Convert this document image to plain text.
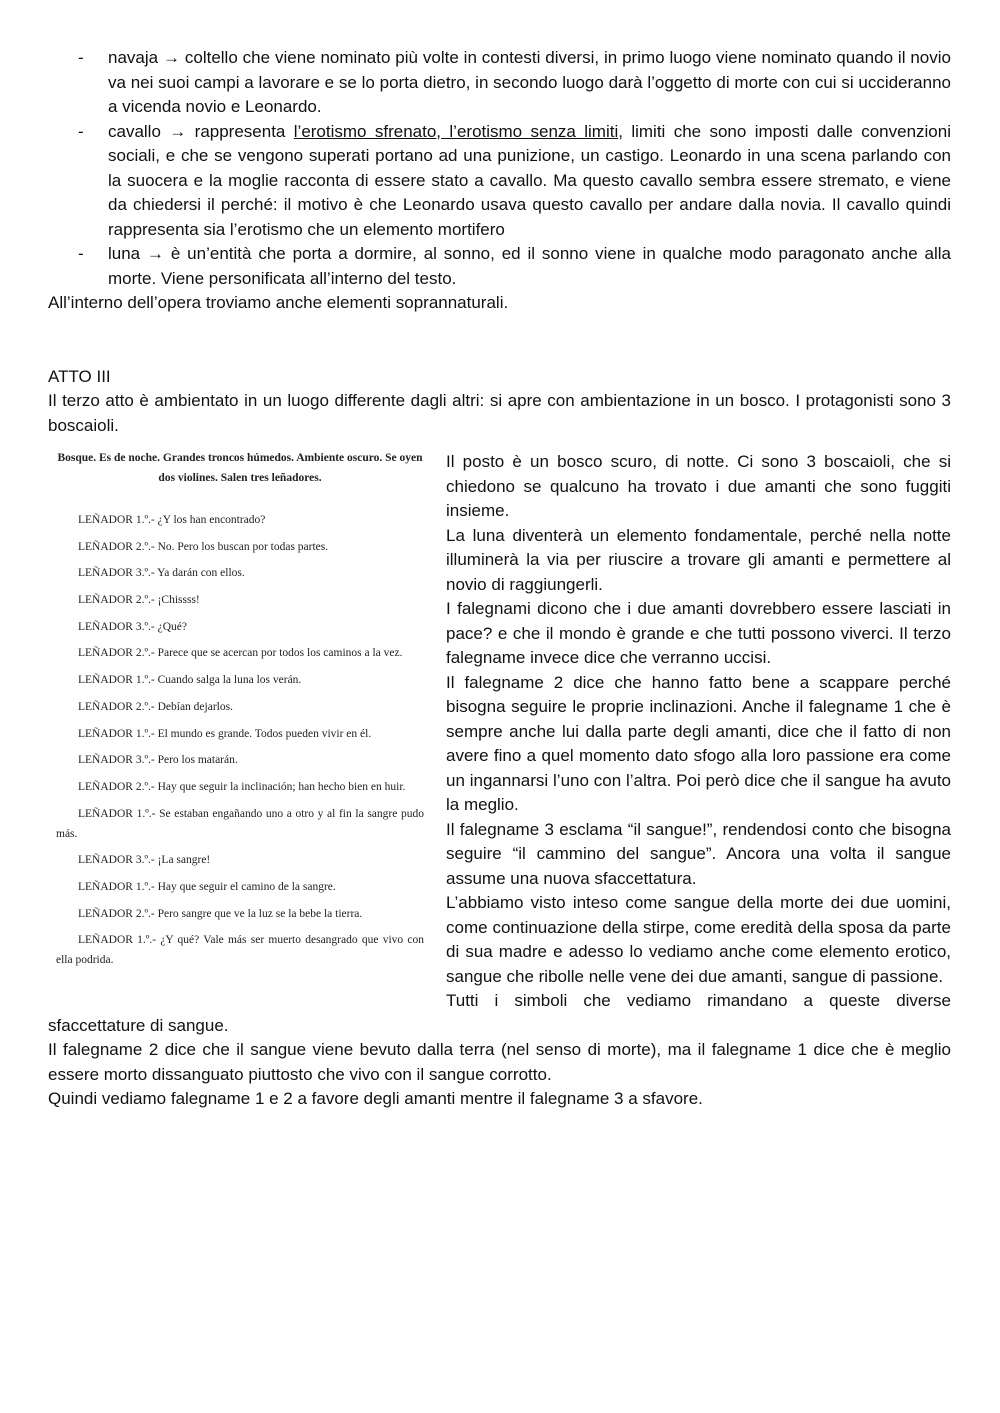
- navaja → coltello che viene nominato più volte in contesti diversi, in primo luogo viene nominato quando il novio va nei suoi campi a lavorare e se lo porta dietro, in secondo luogo darà l’oggetto di morte con cui si uccideranno a vicenda novio e Leonardo.
- cavallo → rappresenta l’erotismo sfrenato, l’erotismo senza limiti, limiti che sono imposti dalle convenzioni sociali, e che se vengono superati portano ad una punizione, un castigo. Leonardo in una scena parlando con la suocera e la moglie racconta di essere stato a cavallo. Ma questo cavallo sembra essere stremato, e viene da chiedersi il perché: il motivo è che Leonardo usava questo cavallo per andare dalla novia. Il cavallo quindi rappresenta sia l’erotismo che un elemento mortifero
- luna → è un’entità che porta a dormire, al sonno, ed il sonno viene in qualche modo paragonato anche alla morte. Viene personificata all’interno del testo.

All’interno dell’opera troviamo anche elementi soprannaturali.

ATTO III

Il terzo atto è ambientato in un luogo differente dagli altri: si apre con ambientazione in un bosco. I protagonisti sono 3 boscaioli.

Bosque. Es de noche. Grandes troncos húmedos. Ambiente oscuro. Se oyen dos violines. Salen tres leñadores.
LEÑADOR 1.º.- ¿Y los han encontrado?
LEÑADOR 2.º.- No. Pero los buscan por todas partes.
LEÑADOR 3.º.- Ya darán con ellos.
LEÑADOR 2.º.- ¡Chissss!
LEÑADOR 3.º.- ¿Qué?
LEÑADOR 2.º.- Parece que se acercan por todos los caminos a la vez.
LEÑADOR 1.º.- Cuando salga la luna los verán.
LEÑADOR 2.º.- Debían dejarlos.
LEÑADOR 1.º.- El mundo es grande. Todos pueden vivir en él.
LEÑADOR 3.º.- Pero los matarán.
LEÑADOR 2.º.- Hay que seguir la inclinación; han hecho bien en huir.
LEÑADOR 1.º.- Se estaban engañando uno a otro y al fin la sangre pudo más.
LEÑADOR 3.º.- ¡La sangre!
LEÑADOR 1.º.- Hay que seguir el camino de la sangre.
LEÑADOR 2.º.- Pero sangre que ve la luz se la bebe la tierra.
LEÑADOR 1.º.- ¿Y qué? Vale más ser muerto desangrado que vivo con ella podrida.
Il posto è un bosco scuro, di notte. Ci sono 3 boscaioli, che si chiedono se qualcuno ha trovato i due amanti che sono fuggiti insieme.
La luna diventerà un elemento fondamentale, perché nella notte illuminerà la via per riuscire a trovare gli amanti e permettere al novio di raggiungerli.
I falegnami dicono che i due amanti dovrebbero essere lasciati in pace? e che il mondo è grande e che tutti possono viverci. Il terzo falegname invece dice che verranno uccisi.
Il falegname 2 dice che hanno fatto bene a scappare perché bisogna seguire le proprie inclinazioni. Anche il falegname 1 che è sempre anche lui dalla parte degli amanti, dice che il fatto di non avere fino a quel momento dato sfogo alla loro passione era come un ingannarsi l’uno con l’altra. Poi però dice che il sangue ha avuto la meglio.
Il falegname 3 esclama “il sangue!”, rendendosi conto che bisogna seguire “il cammino del sangue”. Ancora una volta il sangue assume una nuova sfaccettatura.
L’abbiamo visto inteso come sangue della morte dei due uomini, come continuazione della stirpe, come eredità della sposa da parte di sua madre e adesso lo vediamo anche come elemento erotico, sangue che ribolle nelle vene dei due amanti, sangue di passione.
Tutti i simboli che vediamo rimandano a queste diverse

sfaccettature di sangue.

Il falegname 2 dice che il sangue viene bevuto dalla terra (nel senso di morte), ma il falegname 1 dice che è meglio essere morto dissanguato piuttosto che vivo con il sangue corrotto.

Quindi vediamo falegname 1 e 2 a favore degli amanti mentre il falegname 3 a sfavore.
